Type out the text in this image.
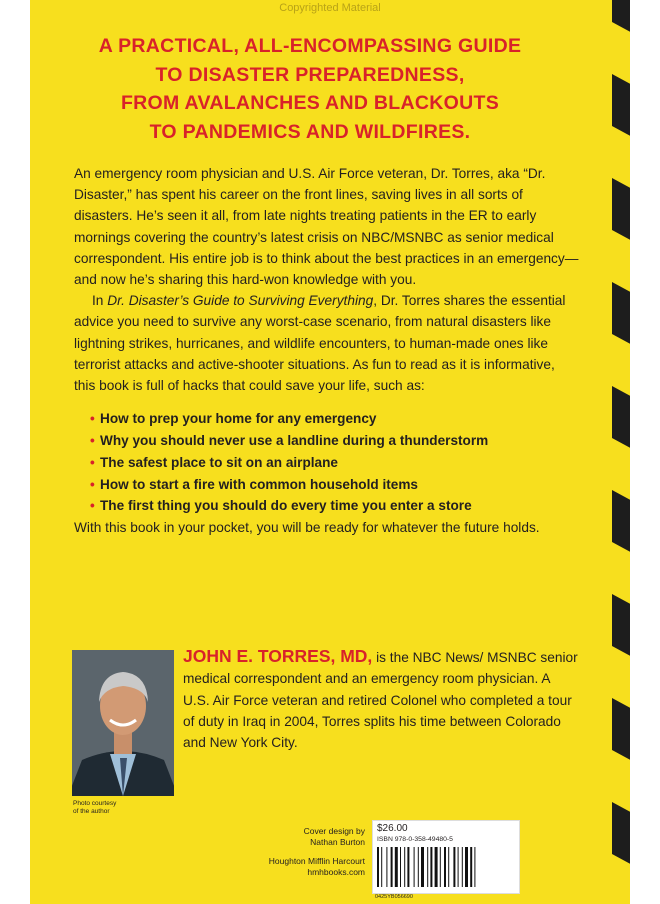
Copyrighted Material
A PRACTICAL, ALL-ENCOMPASSING GUIDE
TO DISASTER PREPAREDNESS,
FROM AVALANCHES AND BLACKOUTS
TO PANDEMICS AND WILDFIRES.

An emergency room physician and U.S. Air Force veteran, Dr. Torres, aka “Dr. Disaster,” has spent his career on the front lines, saving lives in all sorts of disasters. He’s seen it all, from late nights treating patients in the ER to early mornings covering the country’s latest crisis on NBC/MSNBC as senior medical correspondent. His entire job is to think about the best practices in an emergency—and now he’s sharing this hard-won knowledge with you.

In Dr. Disaster’s Guide to Surviving Everything, Dr. Torres shares the essential advice you need to survive any worst-case scenario, from natural disasters like lightning strikes, hurricanes, and wildlife encounters, to human-made ones like terrorist attacks and active-shooter situations. As fun to read as it is informative, this book is full of hacks that could save your life, such as:

• How to prep your home for any emergency
• Why you should never use a landline during a thunderstorm
• The safest place to sit on an airplane
• How to start a fire with common household items
• The first thing you should do every time you enter a store

With this book in your pocket, you will be ready for whatever the future holds.

Photo courtesy
of the author
JOHN E. TORRES, MD, is the NBC News/ MSNBC senior medical correspondent and an emergency room physician. A U.S. Air Force veteran and retired Colonel who completed a tour of duty in Iraq in 2004, Torres splits his time between Colorado and New York City.
Cover design by
Nathan Burton
Houghton Mifflin Harcourt
hmhbooks.com
$26.00
ISBN 978-0-358-49480-5
0425YB056690
